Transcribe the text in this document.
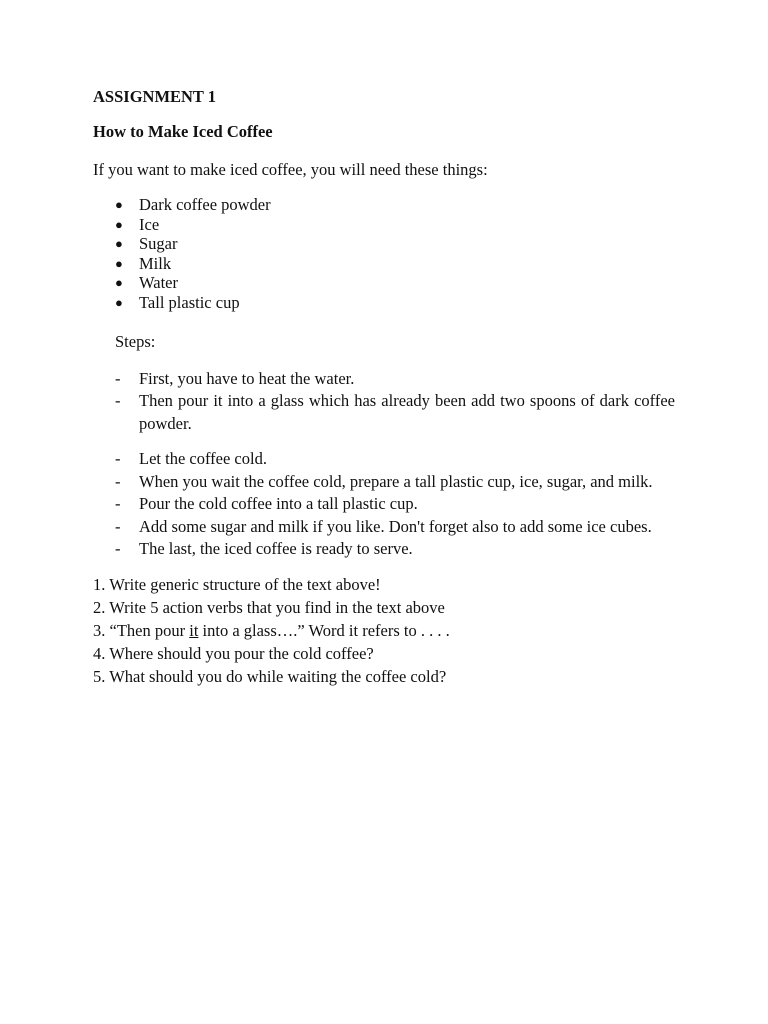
ASSIGNMENT 1

How to Make Iced Coffee

If you want to make iced coffee, you will need these things:

● Dark coffee powder
● Ice
● Sugar
● Milk
● Water
● Tall plastic cup

Steps:

- First, you have to heat the water.
- Then pour it into a glass which has already been add two spoons of dark coffee powder.
- Let the coffee cold.
- When you wait the coffee cold, prepare a tall plastic cup, ice, sugar, and milk.
- Pour the cold coffee into a tall plastic cup.
- Add some sugar and milk if you like. Don't forget also to add some ice cubes.
- The last, the iced coffee is ready to serve.
1. Write generic structure of the text above!
2. Write 5 action verbs that you find in the text above
3. “Then pour it into a glass….” Word it refers to . . . .
4. Where should you pour the cold coffee?
5. What should you do while waiting the coffee cold?
